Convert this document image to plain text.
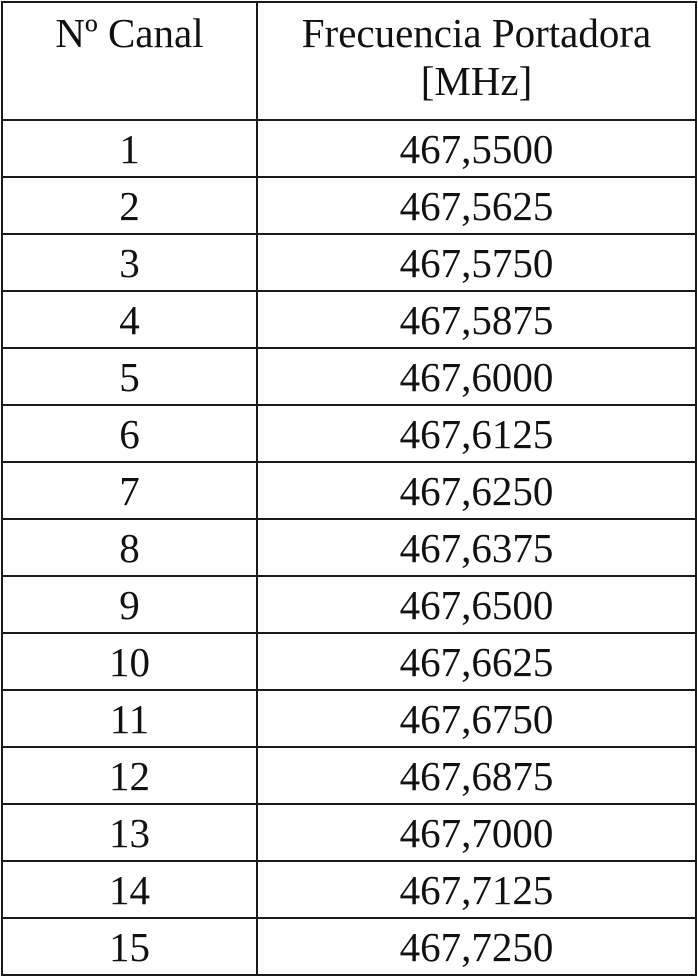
Nº Canal	Frecuencia Portadora
[MHz]

1	467,5500
2	467,5625
3	467,5750
4	467,5875
5	467,6000
6	467,6125
7	467,6250
8	467,6375
9	467,6500
10	467,6625
11	467,6750
12	467,6875
13	467,7000
14	467,7125
15	467,7250
